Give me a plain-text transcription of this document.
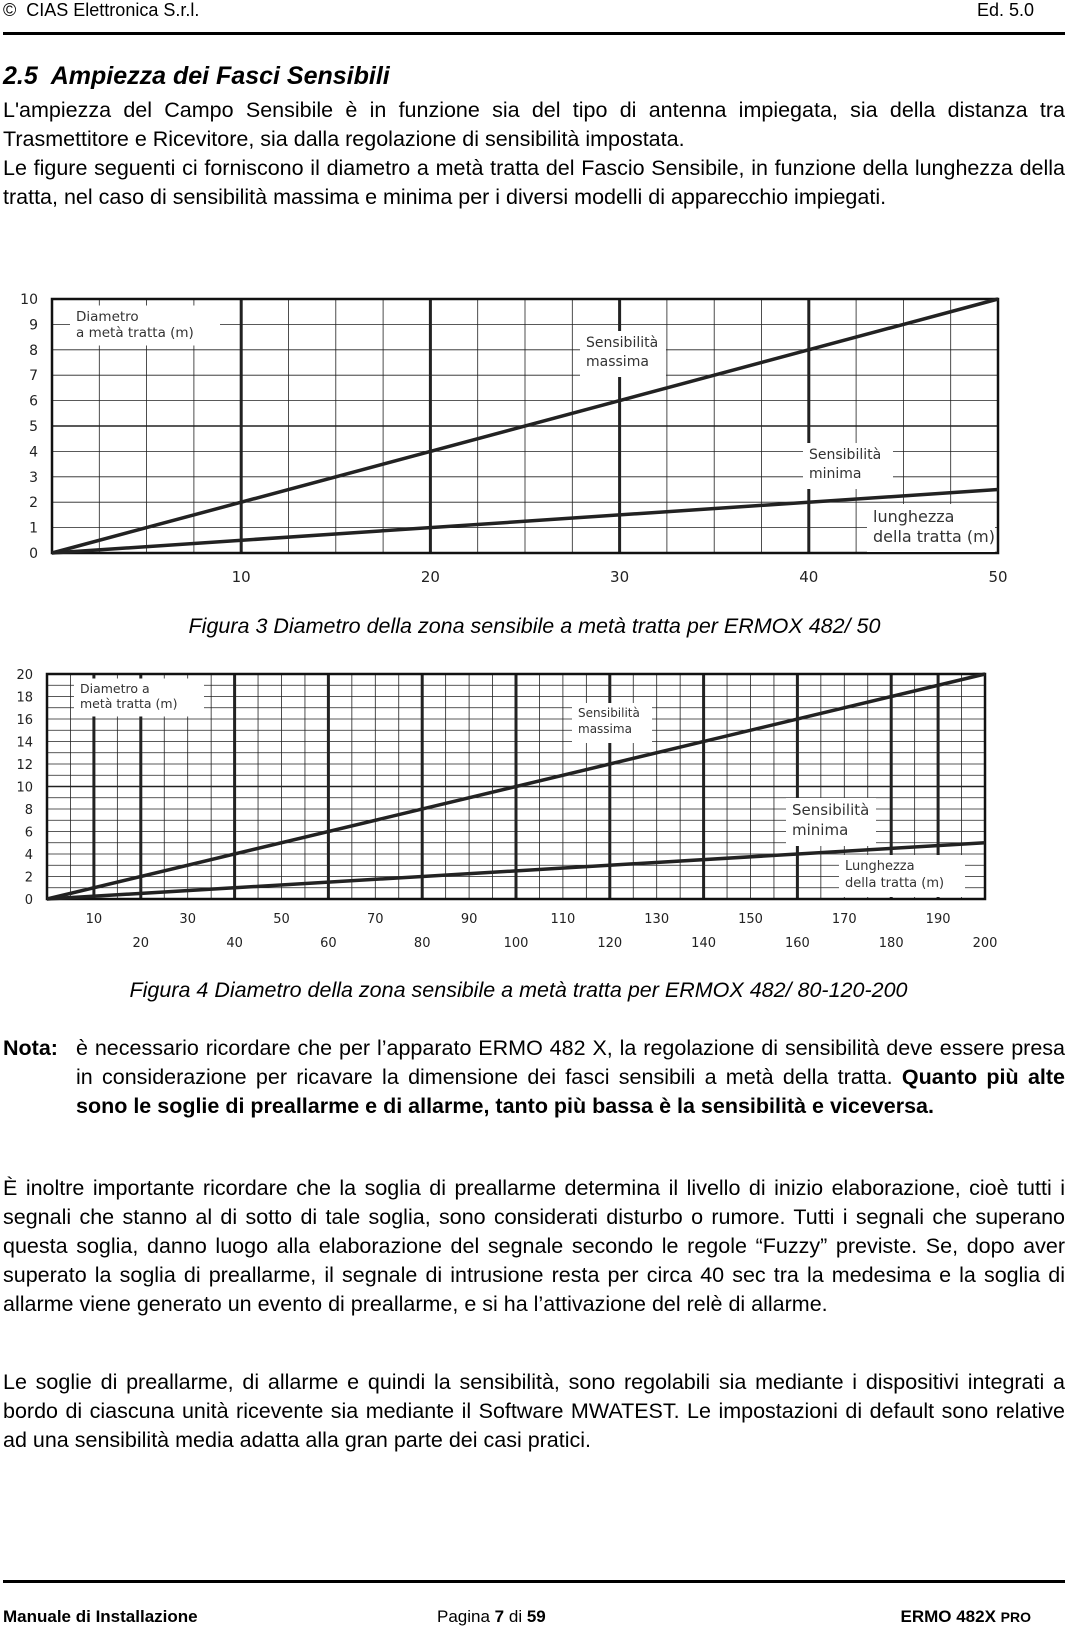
© CIAS Elettronica S.r.l.	Ed. 5.0
2.5 Ampiezza dei Fasci Sensibili

L'ampiezza del Campo Sensibile è in funzione sia del tipo di antenna impiegata, sia della distanza tra Trasmettitore e Ricevitore, sia dalla regolazione di sensibilità impostata.

Le figure seguenti ci forniscono il diametro a metà tratta del Fascio Sensibile, in funzione della lunghezza della tratta, nel caso di sensibilità massima e minima per i diversi modelli di apparecchio impiegati.

0
1
2
3
4
5
6
7
8
9
10
10	20	30	40	50
Diametro
a metà tratta (m)
Sensibilità
massima
Sensibilità
minima
lunghezza
della tratta (m)
Figura 3 Diametro della zona sensibile a metà tratta per ERMOX 482/ 50
0
2
4
6
8
10
12
14
16
18
20
10	30	50	70	90	110	130	150	170	190
20	40	60	80	100	120	140	160	180	200
Diametro a
metà tratta (m)
Sensibilità
massima
Sensibilità
minima
Lunghezza
della tratta (m)
Figura 4 Diametro della zona sensibile a metà tratta per ERMOX 482/ 80-120-200
Nota: è necessario ricordare che per l’apparato ERMO 482 X, la regolazione di sensibilità deve essere presa in considerazione per ricavare la dimensione dei fasci sensibili a metà della tratta. Quanto più alte sono le soglie di preallarme e di allarme, tanto più bassa è la sensibilità e viceversa.

È inoltre importante ricordare che la soglia di preallarme determina il livello di inizio elaborazione, cioè tutti i segnali che stanno al di sotto di tale soglia, sono considerati disturbo o rumore. Tutti i segnali che superano questa soglia, danno luogo alla elaborazione del segnale secondo le regole “Fuzzy” previste. Se, dopo aver superato la soglia di preallarme, il segnale di intrusione resta per circa 40 sec tra la medesima e la soglia di allarme viene generato un evento di preallarme, e si ha l’attivazione del relè di allarme.

Le soglie di preallarme, di allarme e quindi la sensibilità, sono regolabili sia mediante i dispositivi integrati a bordo di ciascuna unità ricevente sia mediante il Software MWATEST. Le impostazioni di default sono relative ad una sensibilità media adatta alla gran parte dei casi pratici.

Manuale di Installazione	Pagina 7 di 59	ERMO 482X PRO
